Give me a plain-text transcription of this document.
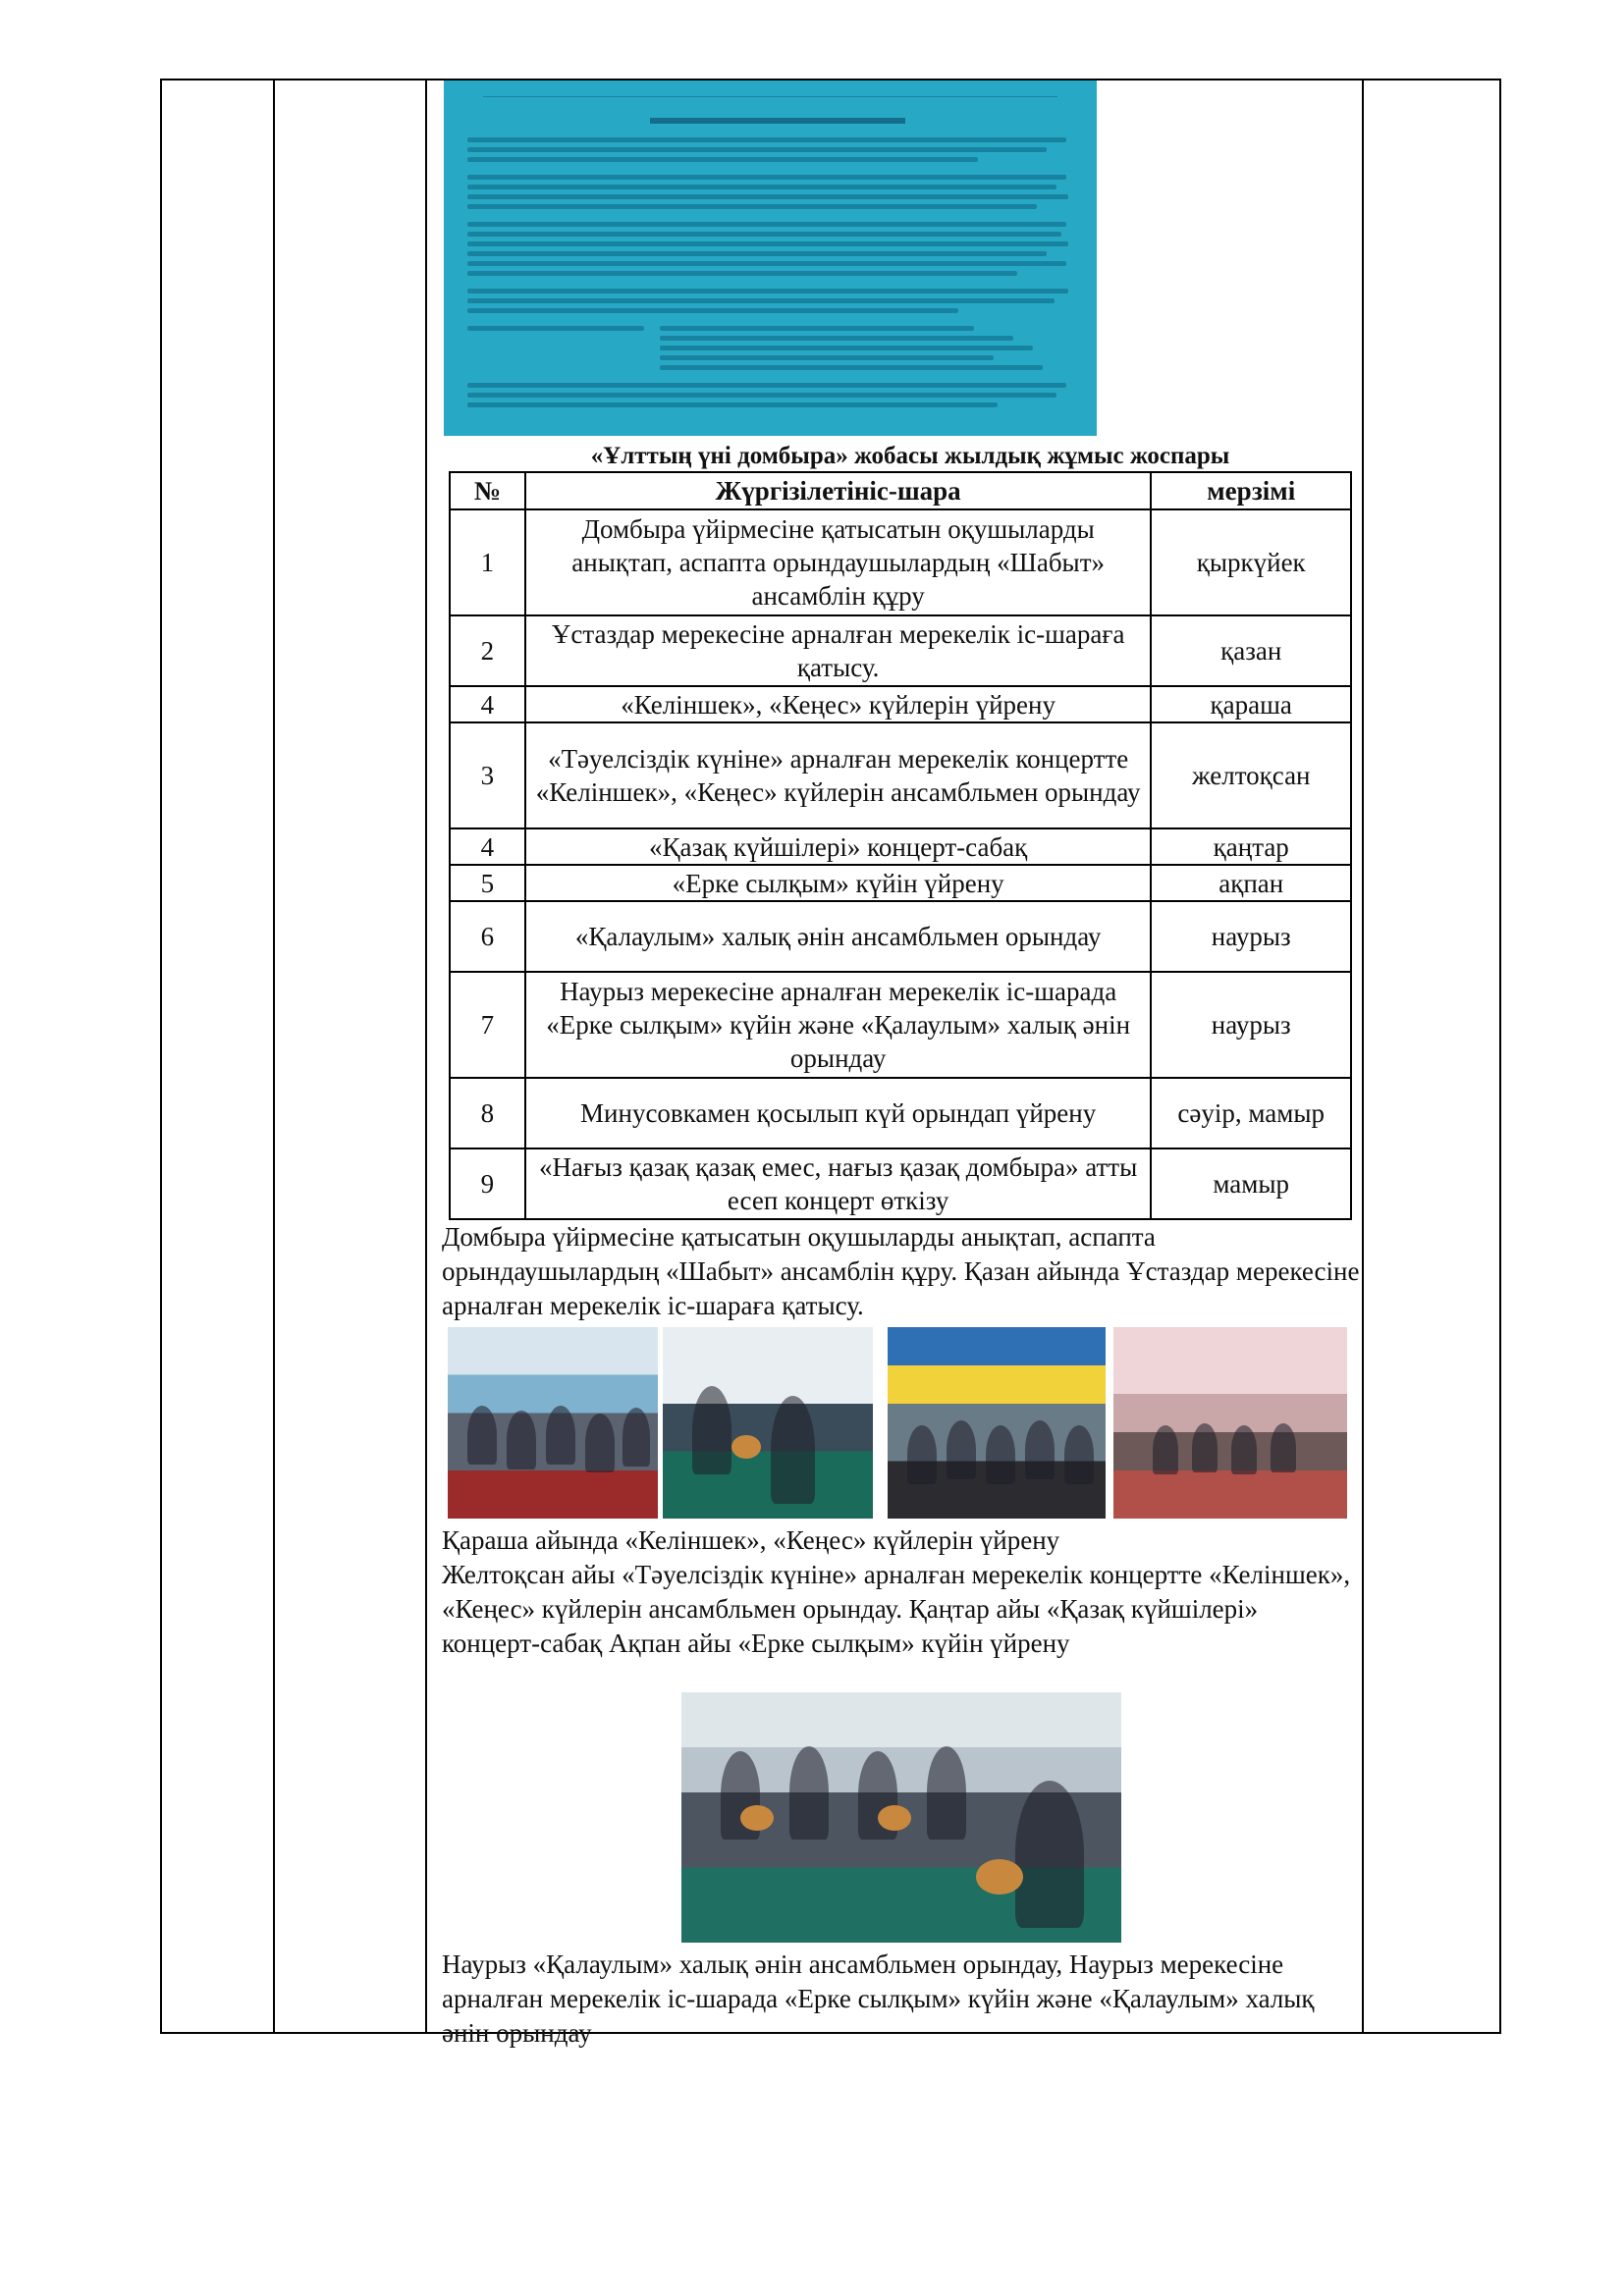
«Ұлттың үні домбыра» жобасы жылдық жұмыс жоспары
№	Жүргізілетініс-шара	мерзімі
1	Домбыра үйірмесіне қатысатын оқушыларды анықтап, аспапта орындаушылардың «Шабыт» ансамблін құру	қыркүйек
2	Ұстаздар мерекесіне арналған мерекелік іс-шараға қатысу.	қазан
4	«Келіншек», «Кеңес» күйлерін үйрену	қараша
3	«Тәуелсіздік күніне» арналған мерекелік концертте «Келіншек», «Кеңес» күйлерін ансамбльмен орындау	желтоқсан
4	«Қазақ күйшілері» концерт-сабақ	қаңтар
5	«Ерке сылқым» күйін үйрену	ақпан
6	«Қалаулым» халық әнін ансамбльмен орындау	наурыз
7	Наурыз мерекесіне арналған мерекелік іс-шарада «Ерке сылқым» күйін және «Қалаулым» халық әнін орындау	наурыз
8	Минусовкамен қосылып күй орындап үйрену	сәуір, мамыр
9	«Нағыз қазақ қазақ емес, нағыз қазақ домбыра» атты есеп концерт өткізу	мамыр

Домбыра үйірмесіне қатысатын оқушыларды анықтап, аспапта орындаушылардың «Шабыт» ансамблін құру. Қазан айында Ұстаздар мерекесіне арналған мерекелік іс-шараға қатысу.

Қараша айында «Келіншек», «Кеңес» күйлерін үйрену

Желтоқсан айы «Тәуелсіздік күніне» арналған мерекелік концертте «Келіншек», «Кеңес» күйлерін ансамбльмен орындау. Қаңтар айы «Қазақ күйшілері» концерт-сабақ Ақпан айы «Ерке сылқым» күйін үйрену

Наурыз «Қалаулым» халық әнін ансамбльмен орындау, Наурыз мерекесіне арналған мерекелік іс-шарада «Ерке сылқым» күйін және «Қалаулым» халық әнін орындау
